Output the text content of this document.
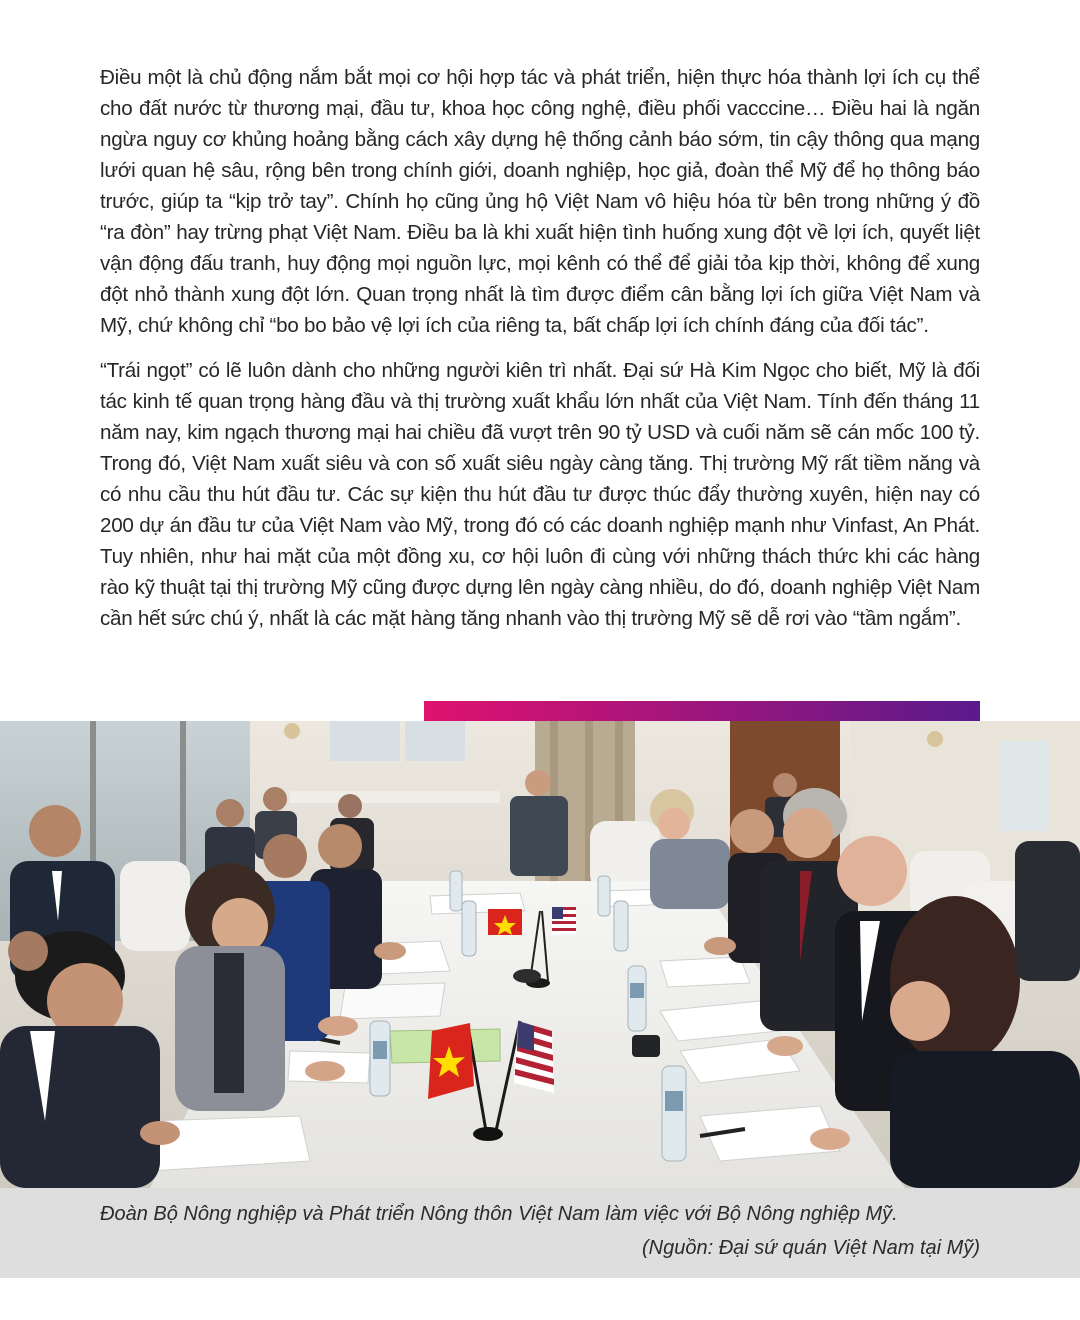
Điều một là chủ động nắm bắt mọi cơ hội hợp tác và phát triển, hiện thực hóa thành lợi ích cụ thể cho đất nước từ thương mại, đầu tư, khoa học công nghệ, điều phối vacccine… Điều hai là ngăn ngừa nguy cơ khủng hoảng bằng cách xây dựng hệ thống cảnh báo sớm, tin cậy thông qua mạng lưới quan hệ sâu, rộng bên trong chính giới, doanh nghiệp, học giả, đoàn thể Mỹ để họ thông báo trước, giúp ta “kịp trở tay”. Chính họ cũng ủng hộ Việt Nam vô hiệu hóa từ bên trong những ý đồ “ra đòn” hay trừng phạt Việt Nam. Điều ba là khi xuất hiện tình huống xung đột về lợi ích, quyết liệt vận động đấu tranh, huy động mọi nguồn lực, mọi kênh có thể để giải tỏa kịp thời, không để xung đột nhỏ thành xung đột lớn. Quan trọng nhất là tìm được điểm cân bằng lợi ích giữa Việt Nam và Mỹ, chứ không chỉ “bo bo bảo vệ lợi ích của riêng ta, bất chấp lợi ích chính đáng của đối tác”.

“Trái ngọt” có lẽ luôn dành cho những người kiên trì nhất. Đại sứ Hà Kim Ngọc cho biết, Mỹ là đối tác kinh tế quan trọng hàng đầu và thị trường xuất khẩu lớn nhất của Việt Nam. Tính đến tháng 11 năm nay, kim ngạch thương mại hai chiều đã vượt trên 90 tỷ USD và cuối năm sẽ cán mốc 100 tỷ. Trong đó, Việt Nam xuất siêu và con số xuất siêu ngày càng tăng. Thị trường Mỹ rất tiềm năng và có nhu cầu thu hút đầu tư. Các sự kiện thu hút đầu tư được thúc đẩy thường xuyên, hiện nay có 200 dự án đầu tư của Việt Nam vào Mỹ, trong đó có các doanh nghiệp mạnh như Vinfast, An Phát. Tuy nhiên, như hai mặt của một đồng xu, cơ hội luôn đi cùng với những thách thức khi các hàng rào kỹ thuật tại thị trường Mỹ cũng được dựng lên ngày càng nhiều, do đó, doanh nghiệp Việt Nam cần hết sức chú ý, nhất là các mặt hàng tăng nhanh vào thị trường Mỹ sẽ dễ rơi vào “tầm ngắm”.

Đoàn Bộ Nông nghiệp và Phát triển Nông thôn Việt Nam làm việc với Bộ Nông nghiệp Mỹ.
(Nguồn: Đại sứ quán Việt Nam tại Mỹ)
